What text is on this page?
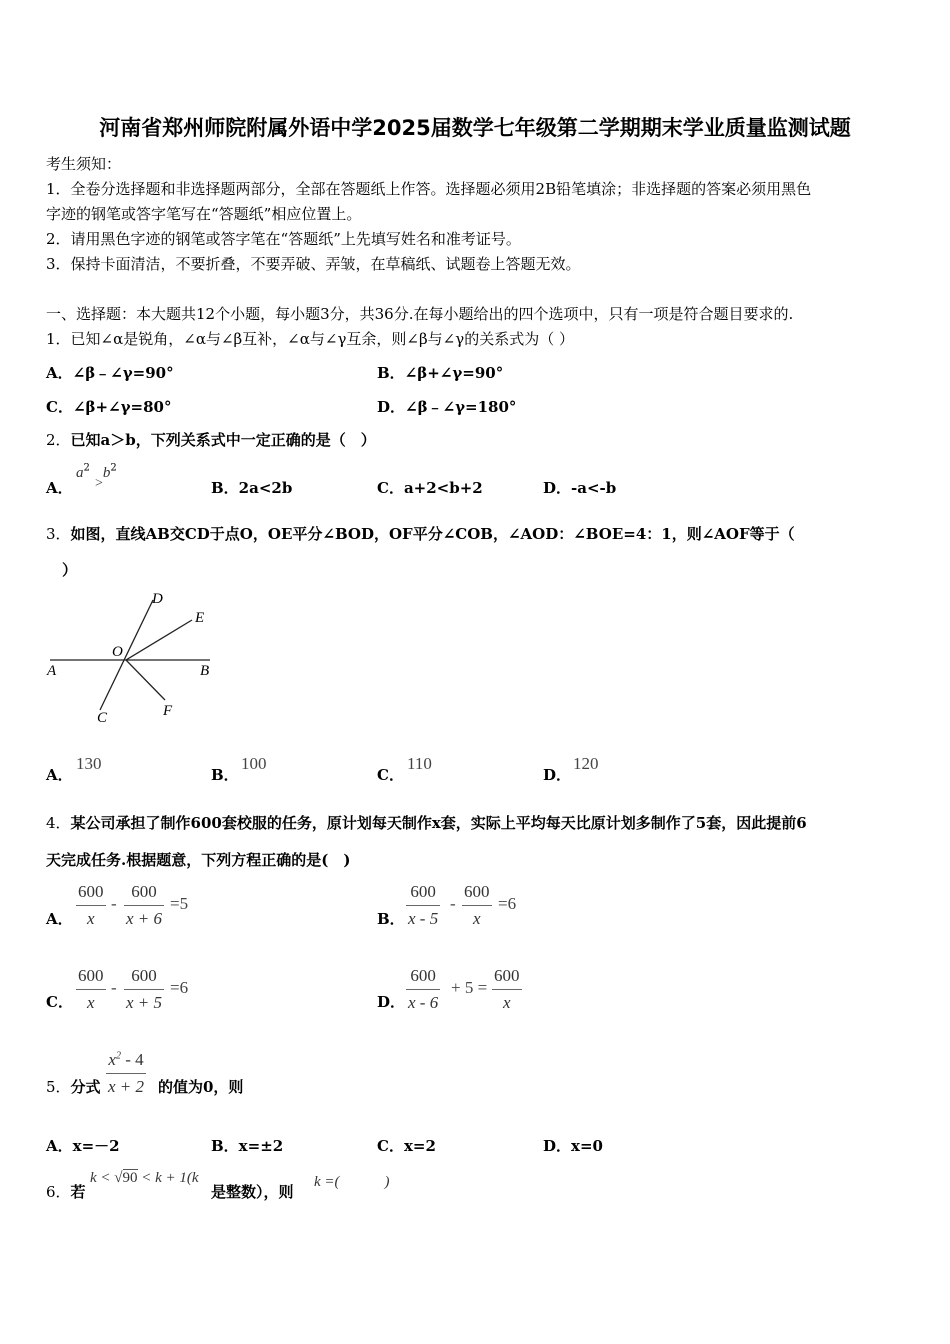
河南省郑州师院附属外语中学2025届数学七年级第二学期期末学业质量监测试题
考生须知：
1．全卷分选择题和非选择题两部分，全部在答题纸上作答。选择题必须用2B铅笔填涂；非选择题的答案必须用黑色
字迹的钢笔或答字笔写在“答题纸”相应位置上。
2．请用黑色字迹的钢笔或答字笔在“答题纸”上先填写姓名和准考证号。
3．保持卡面清洁，不要折叠，不要弄破、弄皱，在草稿纸、试题卷上答题无效。
一、选择题：本大题共12个小题，每小题3分，共36分.在每小题给出的四个选项中，只有一项是符合题目要求的.
1．已知∠α是锐角，∠α与∠β互补，∠α与∠γ互余，则∠β与∠γ的关系式为（ ）
A．∠β﹣∠γ=90°	B．∠β+∠γ=90°
C．∠β+∠γ=80°	D．∠β﹣∠γ=180°
2．已知a＞b，下列关系式中一定正确的是（　）
A．
$a^2 >b^2$
B．2a<2b	C．a+2<b+2	D．-a<-b
3．如图，直线AB交CD于点O，OE平分∠BOD，OF平分∠COB，∠AOD：∠BOE=4：1，则∠AOF等于（
）
A	B
C
D
E
F
O
A．
130
B．
100
C．
110
D．
120
4．某公司承担了制作600套校服的任务，原计划每天制作x套，实际上平均每天比原计划多制作了5套，因此提前6
天完成任务.根据题意，下列方程正确的是(　)
A． $\frac{600}{x} - \frac{600}{x + 6} =5$
B． $\frac{600}{x - 5} - \frac{600}{x} =6$
C． $\frac{600}{x} - \frac{600}{x + 5} =6$
D． $\frac{600}{x - 6} + 5 = \frac{600}{x}$
5．分式 $\frac{x^2 - 4}{x + 2}$ 的值为0，则
A．x=－2	B．x=±2	C．x=2	D．x=0
6．若
k < √90 < k + 1(k
是整数），则
k =(　　　)
